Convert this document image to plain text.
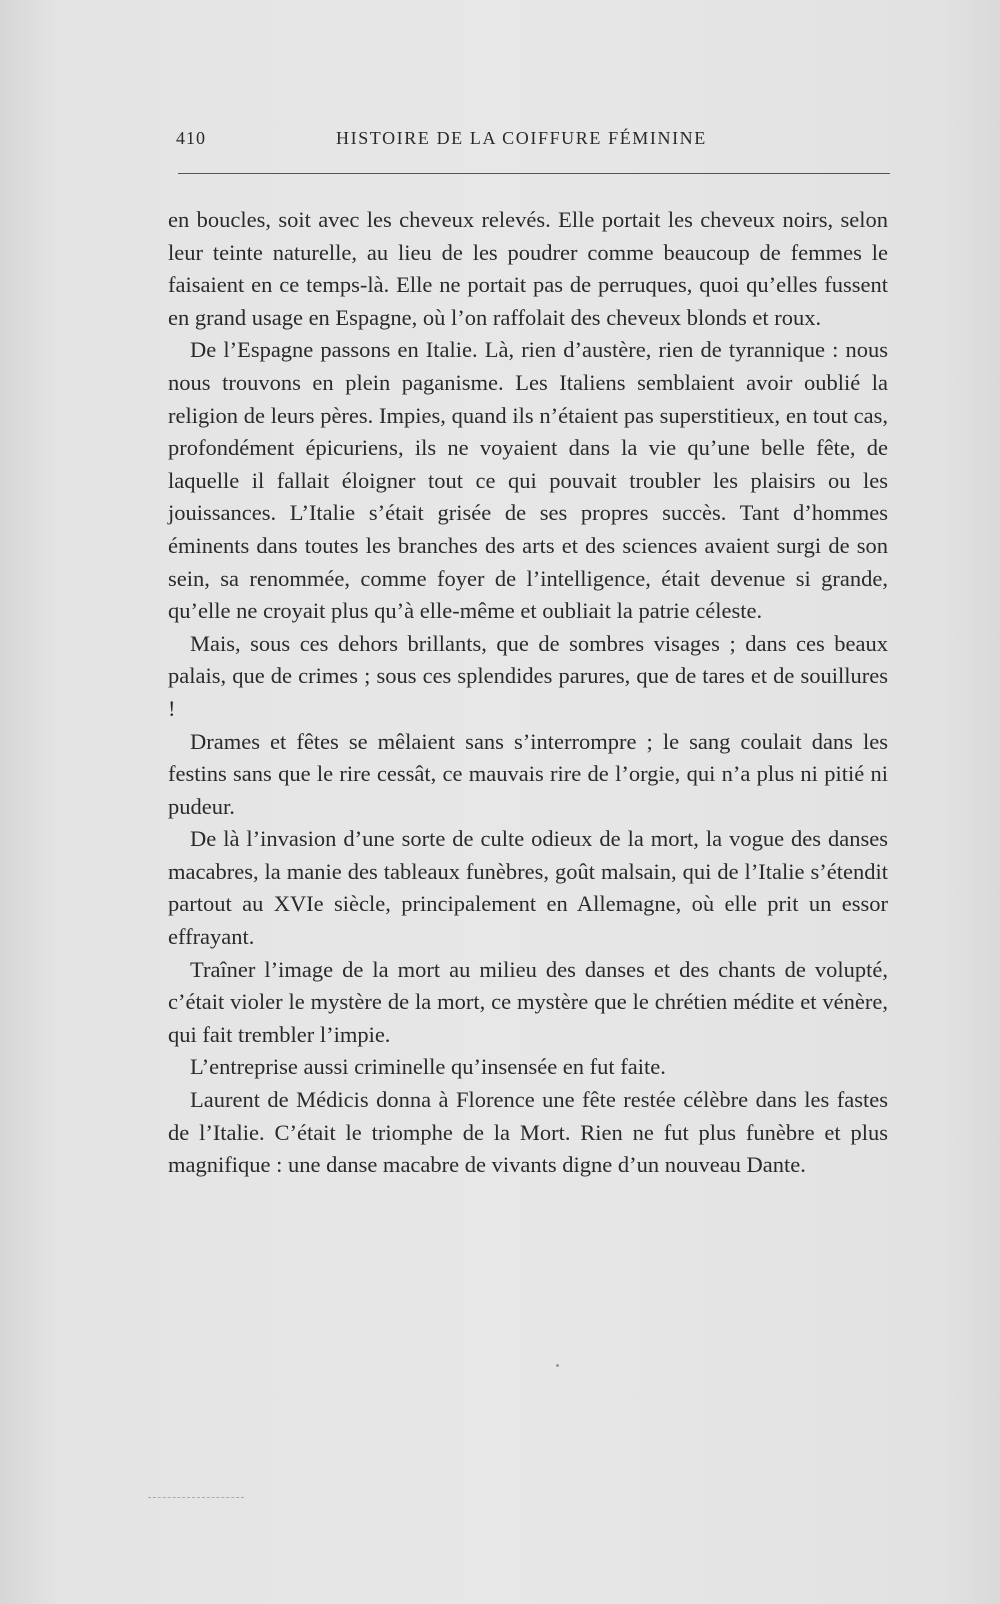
410	HISTOIRE DE LA COIFFURE FÉMININE

en boucles, soit avec les cheveux relevés. Elle portait les cheveux noirs, selon leur teinte naturelle, au lieu de les poudrer comme beaucoup de femmes le faisaient en ce temps-là. Elle ne portait pas de perruques, quoi qu’elles fussent en grand usage en Espagne, où l’on raffolait des cheveux blonds et roux.

De l’Espagne passons en Italie. Là, rien d’austère, rien de tyrannique : nous nous trouvons en plein paganisme. Les Italiens semblaient avoir oublié la religion de leurs pères. Impies, quand ils n’étaient pas superstitieux, en tout cas, profondément épicuriens, ils ne voyaient dans la vie qu’une belle fête, de laquelle il fallait éloigner tout ce qui pouvait troubler les plaisirs ou les jouissances. L’Italie s’était grisée de ses propres succès. Tant d’hommes éminents dans toutes les branches des arts et des sciences avaient surgi de son sein, sa renommée, comme foyer de l’intelligence, était devenue si grande, qu’elle ne croyait plus qu’à elle-même et oubliait la patrie céleste.

Mais, sous ces dehors brillants, que de sombres visages ; dans ces beaux palais, que de crimes ; sous ces splendides parures, que de tares et de souillures !

Drames et fêtes se mêlaient sans s’interrompre ; le sang coulait dans les festins sans que le rire cessât, ce mauvais rire de l’orgie, qui n’a plus ni pitié ni pudeur.

De là l’invasion d’une sorte de culte odieux de la mort, la vogue des danses macabres, la manie des tableaux funèbres, goût malsain, qui de l’Italie s’étendit partout au XVIe siècle, principalement en Allemagne, où elle prit un essor effrayant.

Traîner l’image de la mort au milieu des danses et des chants de volupté, c’était violer le mystère de la mort, ce mystère que le chrétien médite et vénère, qui fait trembler l’impie.

L’entreprise aussi criminelle qu’insensée en fut faite.

Laurent de Médicis donna à Florence une fête restée célèbre dans les fastes de l’Italie. C’était le triomphe de la Mort. Rien ne fut plus funèbre et plus magnifique : une danse macabre de vivants digne d’un nouveau Dante.
